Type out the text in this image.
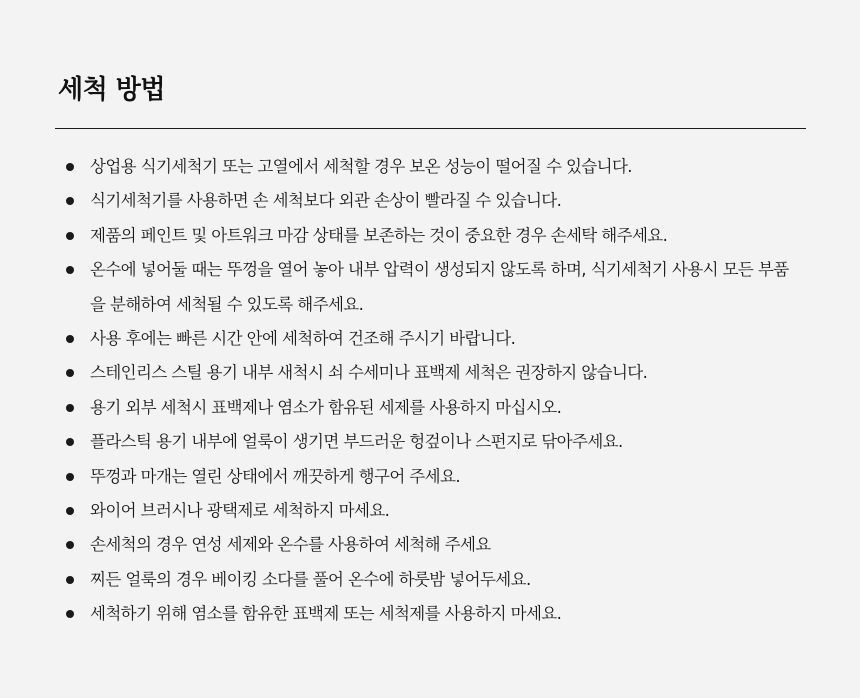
세척 방법
상업용 식기세척기 또는 고열에서 세척할 경우 보온 성능이 떨어질 수 있습니다.
식기세척기를 사용하면 손 세척보다 외관 손상이 빨라질 수 있습니다.
제품의 페인트 및 아트워크 마감 상태를 보존하는 것이 중요한 경우 손세탁 해주세요.
온수에 넣어둘 때는 뚜껑을 열어 놓아 내부 압력이 생성되지 않도록 하며, 식기세척기 사용시 모든 부품을 분해하여 세척될 수 있도록 해주세요.
사용 후에는 빠른 시간 안에 세척하여 건조해 주시기 바랍니다.
스테인리스 스틸 용기 내부 새척시 쇠 수세미나 표백제 세척은 권장하지 않습니다.
용기 외부 세척시 표백제나 염소가 함유된 세제를 사용하지 마십시오.
플라스틱 용기 내부에 얼룩이 생기면 부드러운 헝겊이나 스펀지로 닦아주세요.
뚜껑과 마개는 열린 상태에서 깨끗하게 행구어 주세요.
와이어 브러시나 광택제로 세척하지 마세요.
손세척의 경우 연성 세제와 온수를 사용하여 세척해 주세요
찌든 얼룩의 경우 베이킹 소다를 풀어 온수에 하룻밤 넣어두세요.
세척하기 위해 염소를 함유한 표백제 또는 세척제를 사용하지 마세요.
